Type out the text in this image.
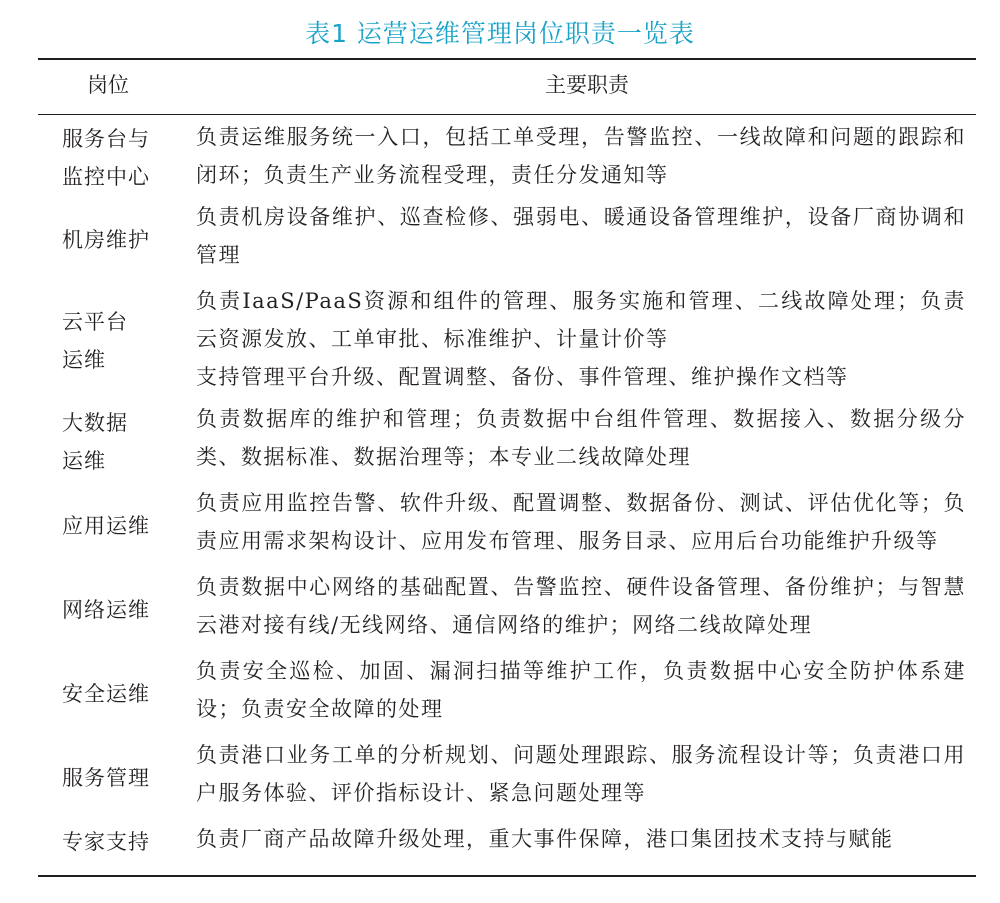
表1 运营运维管理岗位职责一览表
岗位	主要职责
服务台与
监控中心
负责运维服务统一入口，包括工单受理，告警监控、一线故障和问题的跟踪和闭环；负责生产业务流程受理，责任分发通知等
机房维护
负责机房设备维护、巡查检修、强弱电、暖通设备管理维护，设备厂商协调和管理
云平台
运维
负责IaaS/PaaS资源和组件的管理、服务实施和管理、二线故障处理；负责云资源发放、工单审批、标准维护、计量计价等
支持管理平台升级、配置调整、备份、事件管理、维护操作文档等
大数据
运维
负责数据库的维护和管理；负责数据中台组件管理、数据接入、数据分级分类、数据标准、数据治理等；本专业二线故障处理
应用运维
负责应用监控告警、软件升级、配置调整、数据备份、测试、评估优化等；负责应用需求架构设计、应用发布管理、服务目录、应用后台功能维护升级等
网络运维
负责数据中心网络的基础配置、告警监控、硬件设备管理、备份维护；与智慧云港对接有线/无线网络、通信网络的维护；网络二线故障处理
安全运维
负责安全巡检、加固、漏洞扫描等维护工作，负责数据中心安全防护体系建设；负责安全故障的处理
服务管理
负责港口业务工单的分析规划、问题处理跟踪、服务流程设计等；负责港口用户服务体验、评价指标设计、紧急问题处理等
专家支持 负责厂商产品故障升级处理，重大事件保障，港口集团技术支持与赋能
